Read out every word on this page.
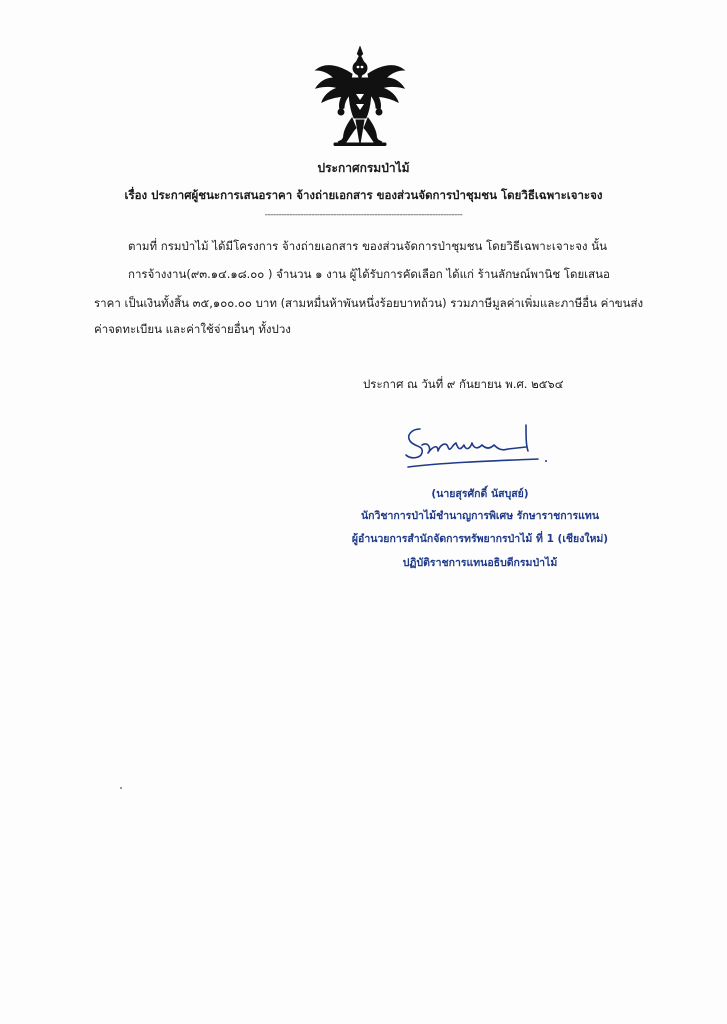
ประกาศกรมป่าไม้
เรื่อง ประกาศผู้ชนะการเสนอราคา จ้างถ่ายเอกสาร ของส่วนจัดการป่าชุมชน โดยวิธีเฉพาะเจาะจง
------------------------------------------------------------------------
ตามที่ กรมป่าไม้ ได้มีโครงการ จ้างถ่ายเอกสาร ของส่วนจัดการป่าชุมชน โดยวิธีเฉพาะเจาะจง นั้น
การจ้างงาน(๙๓.๑๔.๑๘.๐๐ ) จำนวน ๑ งาน ผู้ได้รับการคัดเลือก ได้แก่ ร้านลักษณ์พานิช โดยเสนอ
ราคา เป็นเงินทั้งสิ้น ๓๕,๑๐๐.๐๐ บาท (สามหมื่นห้าพันหนึ่งร้อยบาทถ้วน) รวมภาษีมูลค่าเพิ่มและภาษีอื่น ค่าขนส่ง
ค่าจดทะเบียน และค่าใช้จ่ายอื่นๆ ทั้งปวง
ประกาศ ณ วันที่ ๙ กันยายน พ.ศ. ๒๕๖๔
(นายสุรศักดิ์ นัสบุสย์)
นักวิชาการป่าไม้ชำนาญการพิเศษ รักษาราชการแทน
ผู้อำนวยการสำนักจัดการทรัพยากรป่าไม้ ที่ 1 (เชียงใหม่)
ปฏิบัติราชการแทนอธิบดีกรมป่าไม้
